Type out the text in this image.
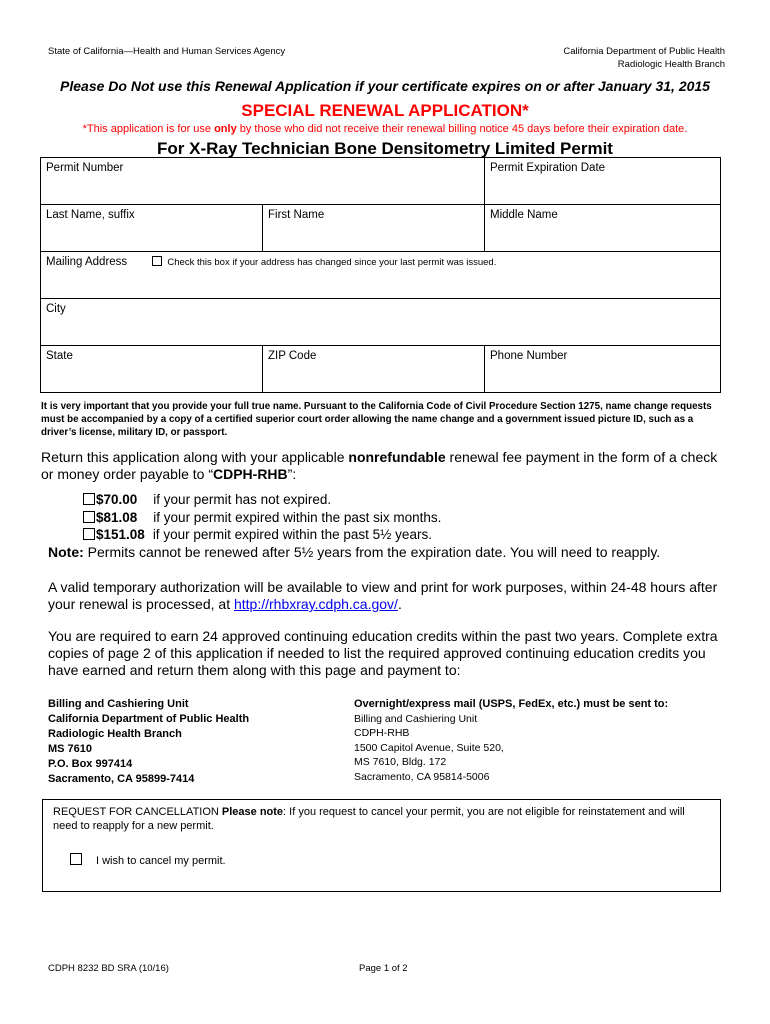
State of California—Health and Human Services Agency	California Department of Public Health
Radiologic Health Branch
Please Do Not use this Renewal Application if your certificate expires on or after January 31, 2015
SPECIAL RENEWAL APPLICATION*
*This application is for use only by those who did not receive their renewal billing notice 45 days before their expiration date.
For X-Ray Technician Bone Densitometry Limited Permit
Permit Number		Permit Expiration Date
Last Name, suffix	First Name	Middle Name
Mailing Address Check this box if your address has changed since your last permit was issued.		
City		
State	ZIP Code	Phone Number
It is very important that you provide your full true name. Pursuant to the California Code of Civil Procedure Section 1275, name change requests must be accompanied by a copy of a certified superior court order allowing the name change and a government issued picture ID, such as a driver’s license, military ID, or passport.
Return this application along with your applicable nonrefundable renewal fee payment in the form of a check or money order payable to “CDPH-RHB”:
$70.00 if your permit has not expired.
$81.08 if your permit expired within the past six months.
$151.08 if your permit expired within the past 5½ years.
Note: Permits cannot be renewed after 5½ years from the expiration date. You will need to reapply.
A valid temporary authorization will be available to view and print for work purposes, within 24-48 hours after your renewal is processed, at http://rhbxray.cdph.ca.gov/.
You are required to earn 24 approved continuing education credits within the past two years. Complete extra copies of page 2 of this application if needed to list the required approved continuing education credits you have earned and return them along with this page and payment to:
Billing and Cashiering Unit
California Department of Public Health
Radiologic Health Branch
MS 7610
P.O. Box 997414
Sacramento, CA 95899-7414
Overnight/express mail (USPS, FedEx, etc.) must be sent to:
Billing and Cashiering Unit
CDPH-RHB
1500 Capitol Avenue, Suite 520,
MS 7610, Bldg. 172
Sacramento, CA 95814-5006
REQUEST FOR CANCELLATION Please note: If you request to cancel your permit, you are not eligible for reinstatement and will need to reapply for a new permit.
I wish to cancel my permit.
CDPH 8232 BD SRA (10/16)	Page 1 of 2
